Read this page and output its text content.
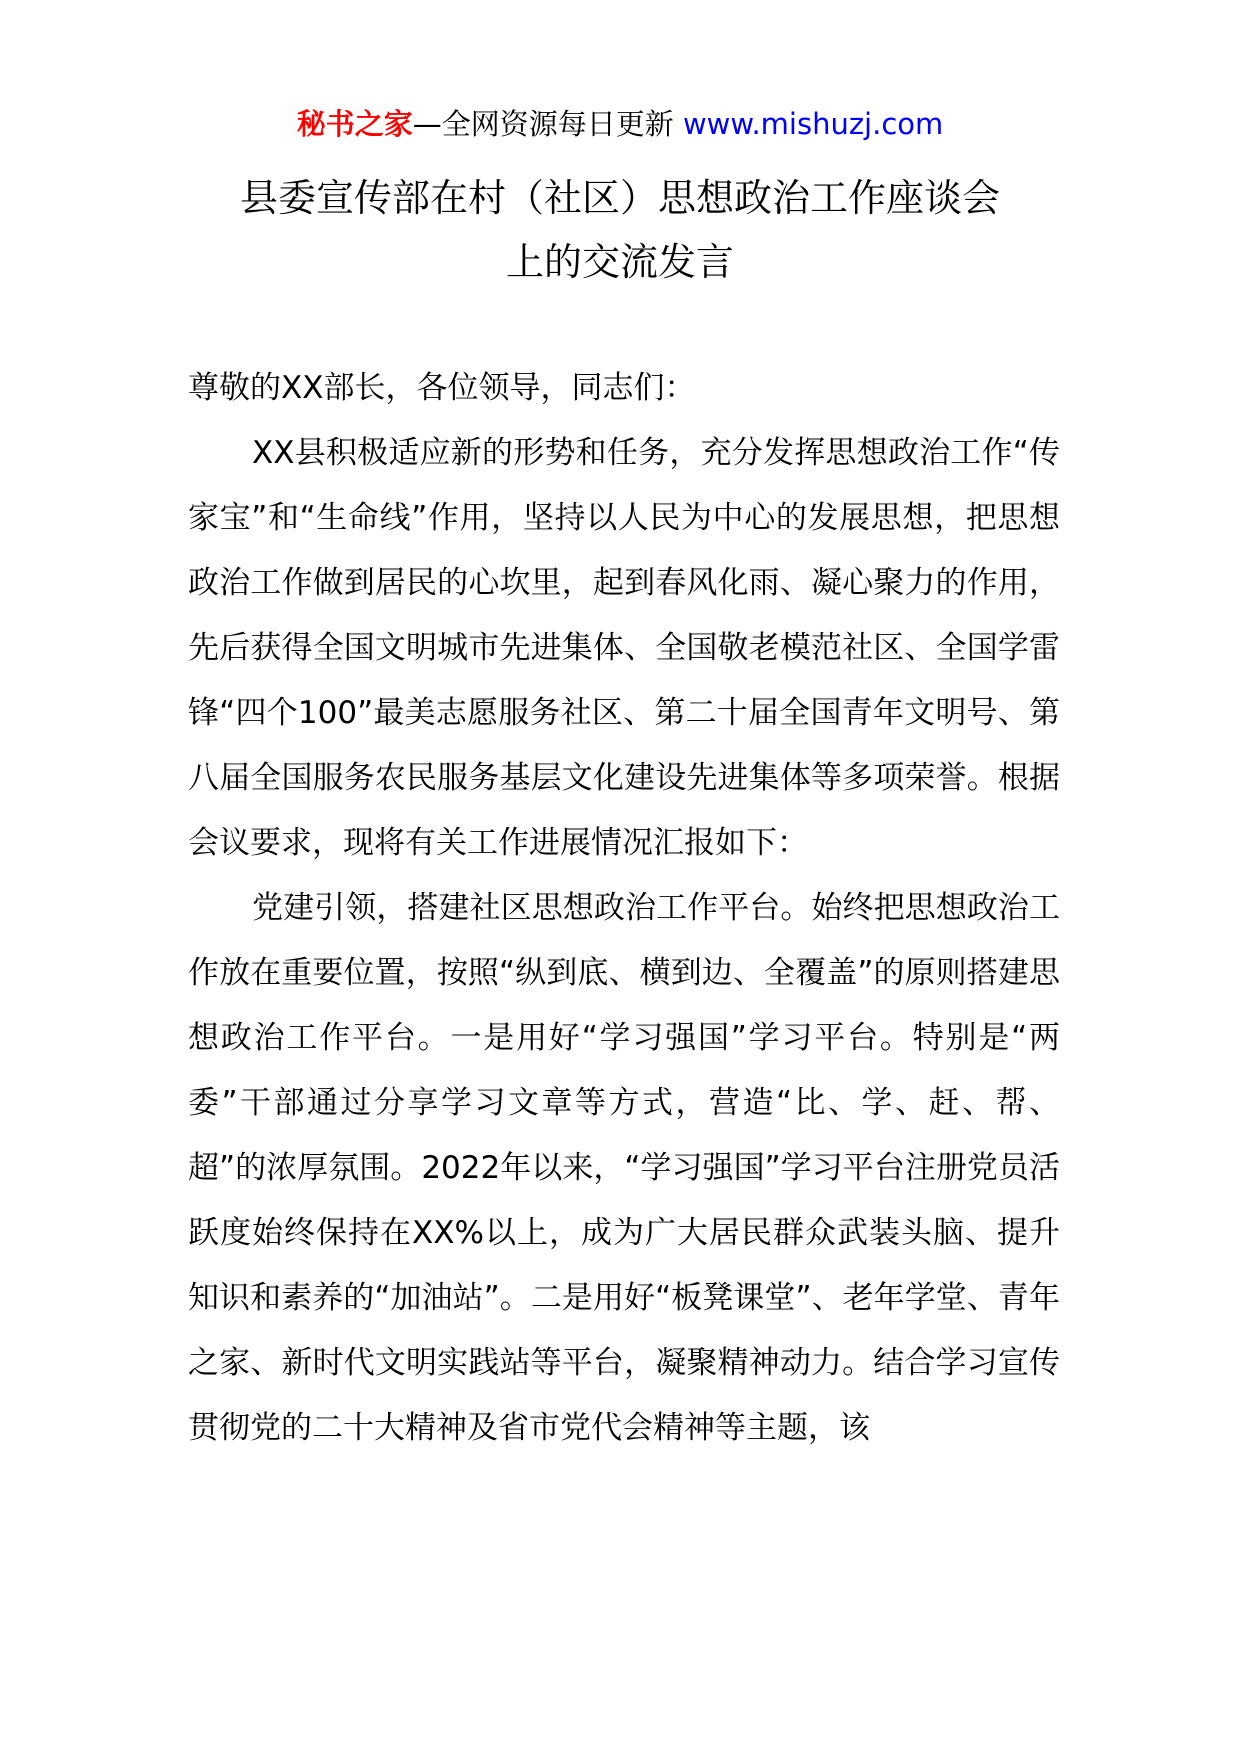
秘书之家—全网资源每日更新 www.mishuzj.com
县委宣传部在村（社区）思想政治工作座谈会
上的交流发言

尊敬的XX部长，各位领导，同志们：

XX县积极适应新的形势和任务，充分发挥思想政治工作“传家宝”和“生命线”作用，坚持以人民为中心的发展思想，把思想政治工作做到居民的心坎里，起到春风化雨、凝心聚力的作用，先后获得全国文明城市先进集体、全国敬老模范社区、全国学雷锋“四个100”最美志愿服务社区、第二十届全国青年文明号、第八届全国服务农民服务基层文化建设先进集体等多项荣誉。根据会议要求，现将有关工作进展情况汇报如下：

党建引领，搭建社区思想政治工作平台。始终把思想政治工作放在重要位置，按照“纵到底、横到边、全覆盖”的原则搭建思想政治工作平台。一是用好“学习强国”学习平台。特别是“两委”干部通过分享学习文章等方式，营造“比、学、赶、帮、超”的浓厚氛围。2022年以来，“学习强国”学习平台注册党员活跃度始终保持在XX%以上，成为广大居民群众武装头脑、提升知识和素养的“加油站”。二是用好“板凳课堂”、老年学堂、青年之家、新时代文明实践站等平台，凝聚精神动力。结合学习宣传贯彻党的二十大精神及省市党代会精神等主题，该
